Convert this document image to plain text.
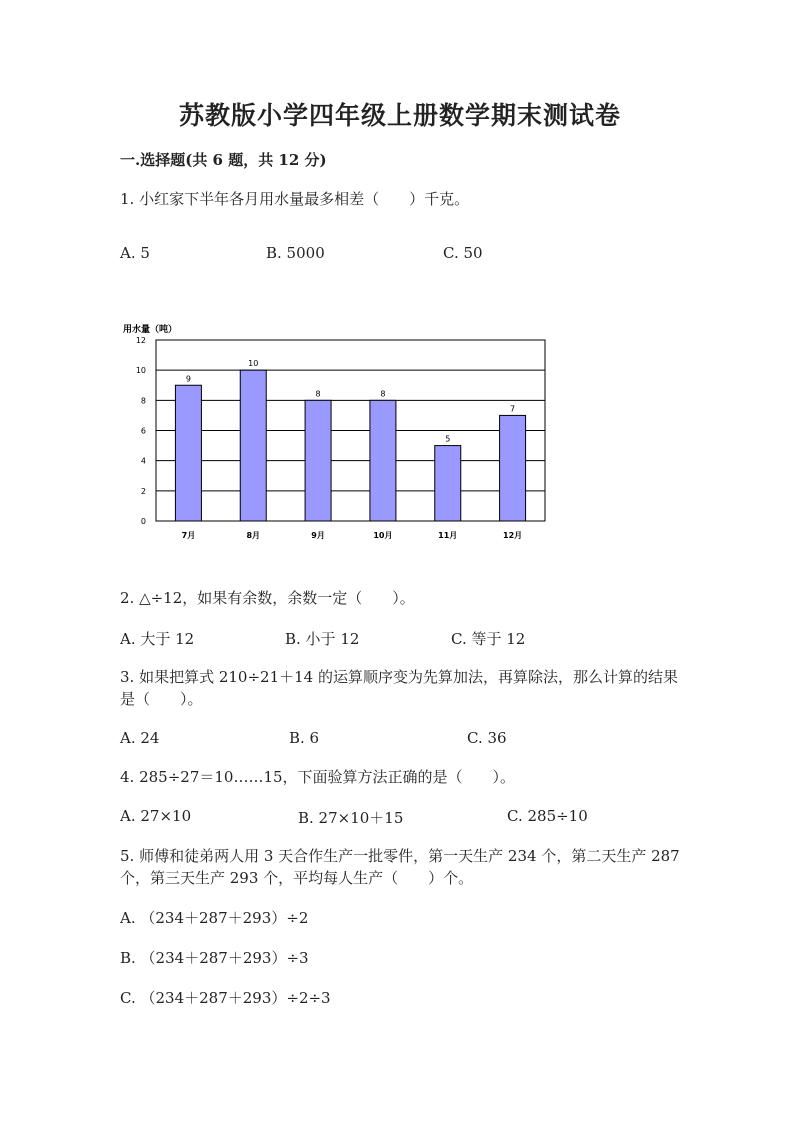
苏教版小学四年级上册数学期末测试卷
一.选择题(共 6 题，共 12 分)
1. 小红家下半年各月用水量最多相差（　　）千克。
A. 5	B. 5000	C. 50
用水量（吨）
0
2
4
6
8
10
12
9
10
8	8
5
7
7月	8月	9月	10月	11月	12月
2. △÷12，如果有余数，余数一定（　　）。
A. 大于 12	B. 小于 12	C. 等于 12
3. 如果把算式 210÷21＋14 的运算顺序变为先算加法，再算除法，那么计算的结果是（　　）。
A. 24	B. 6	C. 36
4. 285÷27＝10……15，下面验算方法正确的是（　　）。
A. 27×10	B. 27×10＋15	C. 285÷10
5. 师傅和徒弟两人用 3 天合作生产一批零件，第一天生产 234 个，第二天生产 287 个，第三天生产 293 个，平均每人生产（　　）个。
A. （234＋287＋293）÷2
B. （234＋287＋293）÷3
C. （234＋287＋293）÷2÷3
